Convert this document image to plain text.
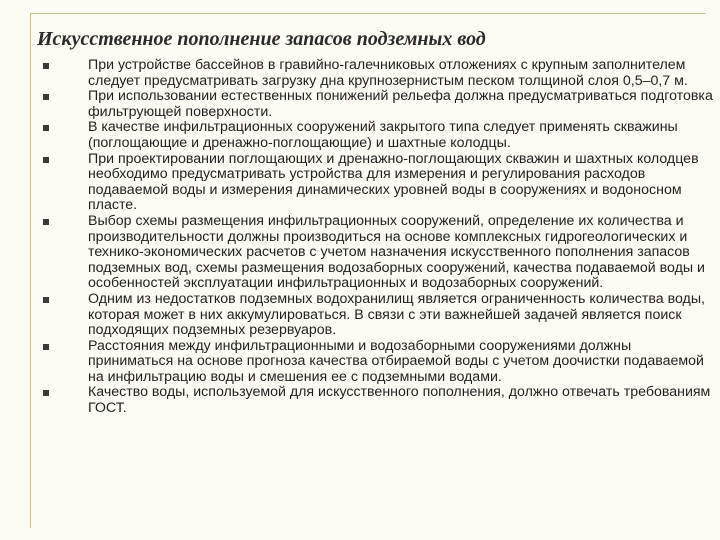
Искусственное пополнение запасов подземных вод
При устройстве бассейнов в гравийно-галечниковых отложениях с крупным заполнителем следует предусматривать загрузку дна крупнозернистым песком толщиной слоя 0,5–0,7 м.
При использовании естественных понижений рельефа должна предусматриваться подготовка фильтрующей поверхности.
В качестве инфильтрационных сооружений закрытого типа следует применять скважины (поглощающие и дренажно-поглощающие) и шахтные колодцы.
При проектировании поглощающих и дренажно-поглощающих скважин и шахтных колодцев необходимо предусматривать устройства для измерения и регулирования расходов подаваемой воды и измерения динамических уровней воды в сооружениях и водоносном пласте.
Выбор схемы размещения инфильтрационных сооружений, определение их количества и производительности должны производиться на основе комплексных гидрогеологических и технико-экономических расчетов с учетом назначения искусственного пополнения запасов подземных вод, схемы размещения водозаборных сооружений, качества подаваемой воды и особенностей эксплуатации инфильтрационных и водозаборных сооружений.
Одним из недостатков подземных водохранилищ является ограниченность количества воды, которая может в них аккумулироваться. В связи с эти важнейшей задачей является поиск подходящих подземных резервуаров.
Расстояния между инфильтрационными и водозаборными сооружениями должны приниматься на основе прогноза качества отбираемой воды с учетом доочистки подаваемой на инфильтрацию воды и смешения ее с подземными водами.
Качество воды, используемой для искусственного пополнения, должно отвечать требованиям ГОСТ.
